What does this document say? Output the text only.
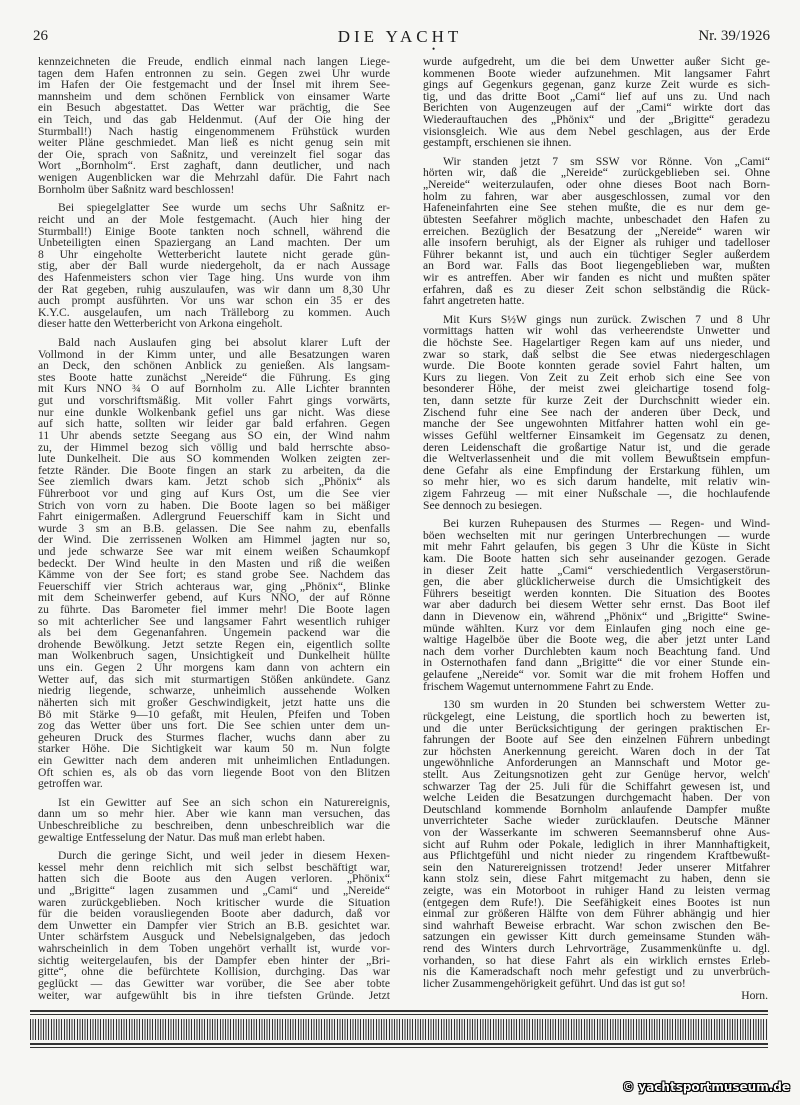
26	DIE YACHT	Nr. 39/1926
•
kennzeichneten die Freude, endlich einmal nach langen Liege-
tagen dem Hafen entronnen zu sein. Gegen zwei Uhr wurde
im Hafen der Oie festgemacht und der Insel mit ihrem See-
mannsheim und dem schönen Fernblick von einsamer Warte
ein Besuch abgestattet. Das Wetter war prächtig, die See
ein Teich, und das gab Heldenmut. (Auf der Oie hing der
Sturmball!) Nach hastig eingenommenem Frühstück wurden
weiter Pläne geschmiedet. Man ließ es nicht genug sein mit
der Oie, sprach von Saßnitz, und vereinzelt fiel sogar das
Wort „Bornholm“. Erst zaghaft, dann deutlicher, und nach
wenigen Augenblicken war die Mehrzahl dafür. Die Fahrt nach
Bornholm über Saßnitz ward beschlossen!
Bei spiegelglatter See wurde um sechs Uhr Saßnitz er-
reicht und an der Mole festgemacht. (Auch hier hing der
Sturmball!) Einige Boote tankten noch schnell, während die
Unbeteiligten einen Spaziergang an Land machten. Der um
8 Uhr eingeholte Wetterbericht lautete nicht gerade gün-
stig, aber der Ball wurde niedergeholt, da er nach Aussage
des Hafenmeisters schon vier Tage hing. Uns wurde von ihm
der Rat gegeben, ruhig auszulaufen, was wir dann um 8,30 Uhr
auch prompt ausführten. Vor uns war schon ein 35 er des
K.Y.C. ausgelaufen, um nach Trälleborg zu kommen. Auch
dieser hatte den Wetterbericht von Arkona eingeholt.
Bald nach Auslaufen ging bei absolut klarer Luft der
Vollmond in der Kimm unter, und alle Besatzungen waren
an Deck, den schönen Anblick zu genießen. Als langsam-
stes Boote hatte zunächst „Nereide“ die Führung. Es ging
mit Kurs NNO ¾ O auf Bornholm zu. Alle Lichter brannten
gut und vorschriftsmäßig. Mit voller Fahrt gings vorwärts,
nur eine dunkle Wolkenbank gefiel uns gar nicht. Was diese
auf sich hatte, sollten wir leider gar bald erfahren. Gegen
11 Uhr abends setzte Seegang aus SO ein, der Wind nahm
zu, der Himmel bezog sich völlig und bald herrschte abso-
lute Dunkelheit. Die aus SO kommenden Wolken zeigten zer-
fetzte Ränder. Die Boote fingen an stark zu arbeiten, da die
See ziemlich dwars kam. Jetzt schob sich „Phönix“ als
Führerboot vor und ging auf Kurs Ost, um die See vier
Strich von vorn zu haben. Die Boote lagen so bei mäßiger
Fahrt einigermaßen. Adlergrund Feuerschiff kam in Sicht und
wurde 3 sm an B.B. gelassen. Die See nahm zu, ebenfalls
der Wind. Die zerrissenen Wolken am Himmel jagten nur so,
und jede schwarze See war mit einem weißen Schaumkopf
bedeckt. Der Wind heulte in den Masten und riß die weißen
Kämme von der See fort; es stand grobe See. Nachdem das
Feuerschiff vier Strich achteraus war, ging „Phönix“, Blinke
mit dem Scheinwerfer gebend, auf Kurs NNO, der auf Rönne
zu führte. Das Barometer fiel immer mehr! Die Boote lagen
so mit achterlicher See und langsamer Fahrt wesentlich ruhiger
als bei dem Gegenanfahren. Ungemein packend war die
drohende Bewölkung. Jetzt setzte Regen ein, eigentlich sollte
man Wolkenbruch sagen, Unsichtigkeit und Dunkelheit hüllte
uns ein. Gegen 2 Uhr morgens kam dann von achtern ein
Wetter auf, das sich mit sturmartigen Stößen ankündete. Ganz
niedrig liegende, schwarze, unheimlich aussehende Wolken
näherten sich mit großer Geschwindigkeit, jetzt hatte uns die
Bö mit Stärke 9—10 gefaßt, mit Heulen, Pfeifen und Toben
zog das Wetter über uns fort. Die See schien unter dem un-
geheuren Druck des Sturmes flacher, wuchs dann aber zu
starker Höhe. Die Sichtigkeit war kaum 50 m. Nun folgte
ein Gewitter nach dem anderen mit unheimlichen Entladungen.
Oft schien es, als ob das vorn liegende Boot von den Blitzen
getroffen war.
Ist ein Gewitter auf See an sich schon ein Naturereignis,
dann um so mehr hier. Aber wie kann man versuchen, das
Unbeschreibliche zu beschreiben, denn unbeschreiblich war die
gewaltige Entfesselung der Natur. Das muß man erlebt haben.
Durch die geringe Sicht, und weil jeder in diesem Hexen-
kessel mehr denn reichlich mit sich selbst beschäftigt war,
hatten sich die Boote aus den Augen verloren. „Phönix“
und „Brigitte“ lagen zusammen und „Cami“ und „Nereide“
waren zurückgeblieben. Noch kritischer wurde die Situation
für die beiden vorausliegenden Boote aber dadurch, daß vor
dem Unwetter ein Dampfer vier Strich an B.B. gesichtet war.
Unter schärfstem Ausguck und Nebelsignalgeben, das jedoch
wahrscheinlich in dem Toben ungehört verhallt ist, wurde vor-
sichtig weitergelaufen, bis der Dampfer eben hinter der „Bri-
gitte“, ohne die befürchtete Kollision, durchging. Das war
geglückt — das Gewitter war vorüber, die See aber tobte
weiter, war aufgewühlt bis in ihre tiefsten Gründe. Jetzt
wurde aufgedreht, um die bei dem Unwetter außer Sicht ge-
kommenen Boote wieder aufzunehmen. Mit langsamer Fahrt
gings auf Gegenkurs gegenan, ganz kurze Zeit wurde es sich-
tig, und das dritte Boot „Cami“ lief auf uns zu. Und nach
Berichten von Augenzeugen auf der „Cami“ wirkte dort das
Wiederauftauchen des „Phönix“ und der „Brigitte“ geradezu
visionsgleich. Wie aus dem Nebel geschlagen, aus der Erde
gestampft, erschienen sie ihnen.
Wir standen jetzt 7 sm SSW vor Rönne. Von „Cami“
hörten wir, daß die „Nereide“ zurückgeblieben sei. Ohne
„Nereide“ weiterzulaufen, oder ohne dieses Boot nach Born-
holm zu fahren, war aber ausgeschlossen, zumal vor den
Hafeneinfahrten eine See stehen mußte, die es nur dem ge-
übtesten Seefahrer möglich machte, unbeschadet den Hafen zu
erreichen. Bezüglich der Besatzung der „Nereide“ waren wir
alle insofern beruhigt, als der Eigner als ruhiger und tadelloser
Führer bekannt ist, und auch ein tüchtiger Segler außerdem
an Bord war. Falls das Boot liegengeblieben war, mußten
wir es antreffen. Aber wir fanden es nicht und mußten später
erfahren, daß es zu dieser Zeit schon selbständig die Rück-
fahrt angetreten hatte.
Mit Kurs S½W gings nun zurück. Zwischen 7 und 8 Uhr
vormittags hatten wir wohl das verheerendste Unwetter und
die höchste See. Hagelartiger Regen kam auf uns nieder, und
zwar so stark, daß selbst die See etwas niedergeschlagen
wurde. Die Boote konnten gerade soviel Fahrt halten, um
Kurs zu liegen. Von Zeit zu Zeit erhob sich eine See von
besonderer Höhe, der meist zwei gleichartige tosend folg-
ten, dann setzte für kurze Zeit der Durchschnitt wieder ein.
Zischend fuhr eine See nach der anderen über Deck, und
manche der See ungewohnten Mitfahrer hatten wohl ein ge-
wisses Gefühl weltferner Einsamkeit im Gegensatz zu denen,
deren Leidenschaft die großartige Natur ist, und die gerade
die Weltverlassenheit und die mit vollem Bewußtsein empfun-
dene Gefahr als eine Empfindung der Erstarkung fühlen, um
so mehr hier, wo es sich darum handelte, mit relativ win-
zigem Fahrzeug — mit einer Nußschale —, die hochlaufende
See dennoch zu besiegen.
Bei kurzen Ruhepausen des Sturmes — Regen- und Wind-
böen wechselten mit nur geringen Unterbrechungen — wurde
mit mehr Fahrt gelaufen, bis gegen 3 Uhr die Küste in Sicht
kam. Die Boote hatten sich sehr auseinander gezogen. Gerade
in dieser Zeit hatte „Cami“ verschiedentlich Vergaserstörun-
gen, die aber glücklicherweise durch die Umsichtigkeit des
Führers beseitigt werden konnten. Die Situation des Bootes
war aber dadurch bei diesem Wetter sehr ernst. Das Boot ilef
dann in Dievenow ein, während „Phönix“ und „Brigitte“ Swine-
münde wählten. Kurz vor dem Einlaufen ging noch eine ge-
waltige Hagelböe über die Boote weg, die aber jetzt unter Land
nach dem vorher Durchlebten kaum noch Beachtung fand. Und
in Osternothafen fand dann „Brigitte“ die vor einer Stunde ein-
gelaufene „Nereide“ vor. Somit war die mit frohem Hoffen und
frischem Wagemut unternommene Fahrt zu Ende.
130 sm wurden in 20 Stunden bei schwerstem Wetter zu-
rückgelegt, eine Leistung, die sportlich hoch zu bewerten ist,
und die unter Berücksichtigung der geringen praktischen Er-
fahrungen der Boote auf See den einzelnen Führern unbedingt
zur höchsten Anerkennung gereicht. Waren doch in der Tat
ungewöhnliche Anforderungen an Mannschaft und Motor ge-
stellt. Aus Zeitungsnotizen geht zur Genüge hervor, welch'
schwarzer Tag der 25. Juli für die Schiffahrt gewesen ist, und
welche Leiden die Besatzungen durchgemacht haben. Der von
Deutschland kommende Bornholm anlaufende Dampfer mußte
unverrichteter Sache wieder zurücklaufen. Deutsche Männer
von der Wasserkante im schweren Seemannsberuf ohne Aus-
sicht auf Ruhm oder Pokale, lediglich in ihrer Mannhaftigkeit,
aus Pflichtgefühl und nicht nieder zu ringendem Kraftbewußt-
sein den Naturereignissen trotzend! Jeder unserer Mitfahrer
kann stolz sein, diese Fahrt mitgemacht zu haben, denn sie
zeigte, was ein Motorboot in ruhiger Hand zu leisten vermag
(entgegen dem Rufe!). Die Seefähigkeit eines Bootes ist nun
einmal zur größeren Hälfte von dem Führer abhängig und hier
sind wahrhaft Beweise erbracht. War schon zwischen den Be-
satzungen ein gewisser Kitt durch gemeinsame Stunden wäh-
rend des Winters durch Lehrvorträge, Zusammenkünfte u. dgl.
vorhanden, so hat diese Fahrt als ein wirklich ernstes Erleb-
nis die Kameradschaft noch mehr gefestigt und zu unverbrüch-
licher Zusammengehörigkeit geführt. Und das ist gut so!
Horn.
© yachtsportmuseum.de
